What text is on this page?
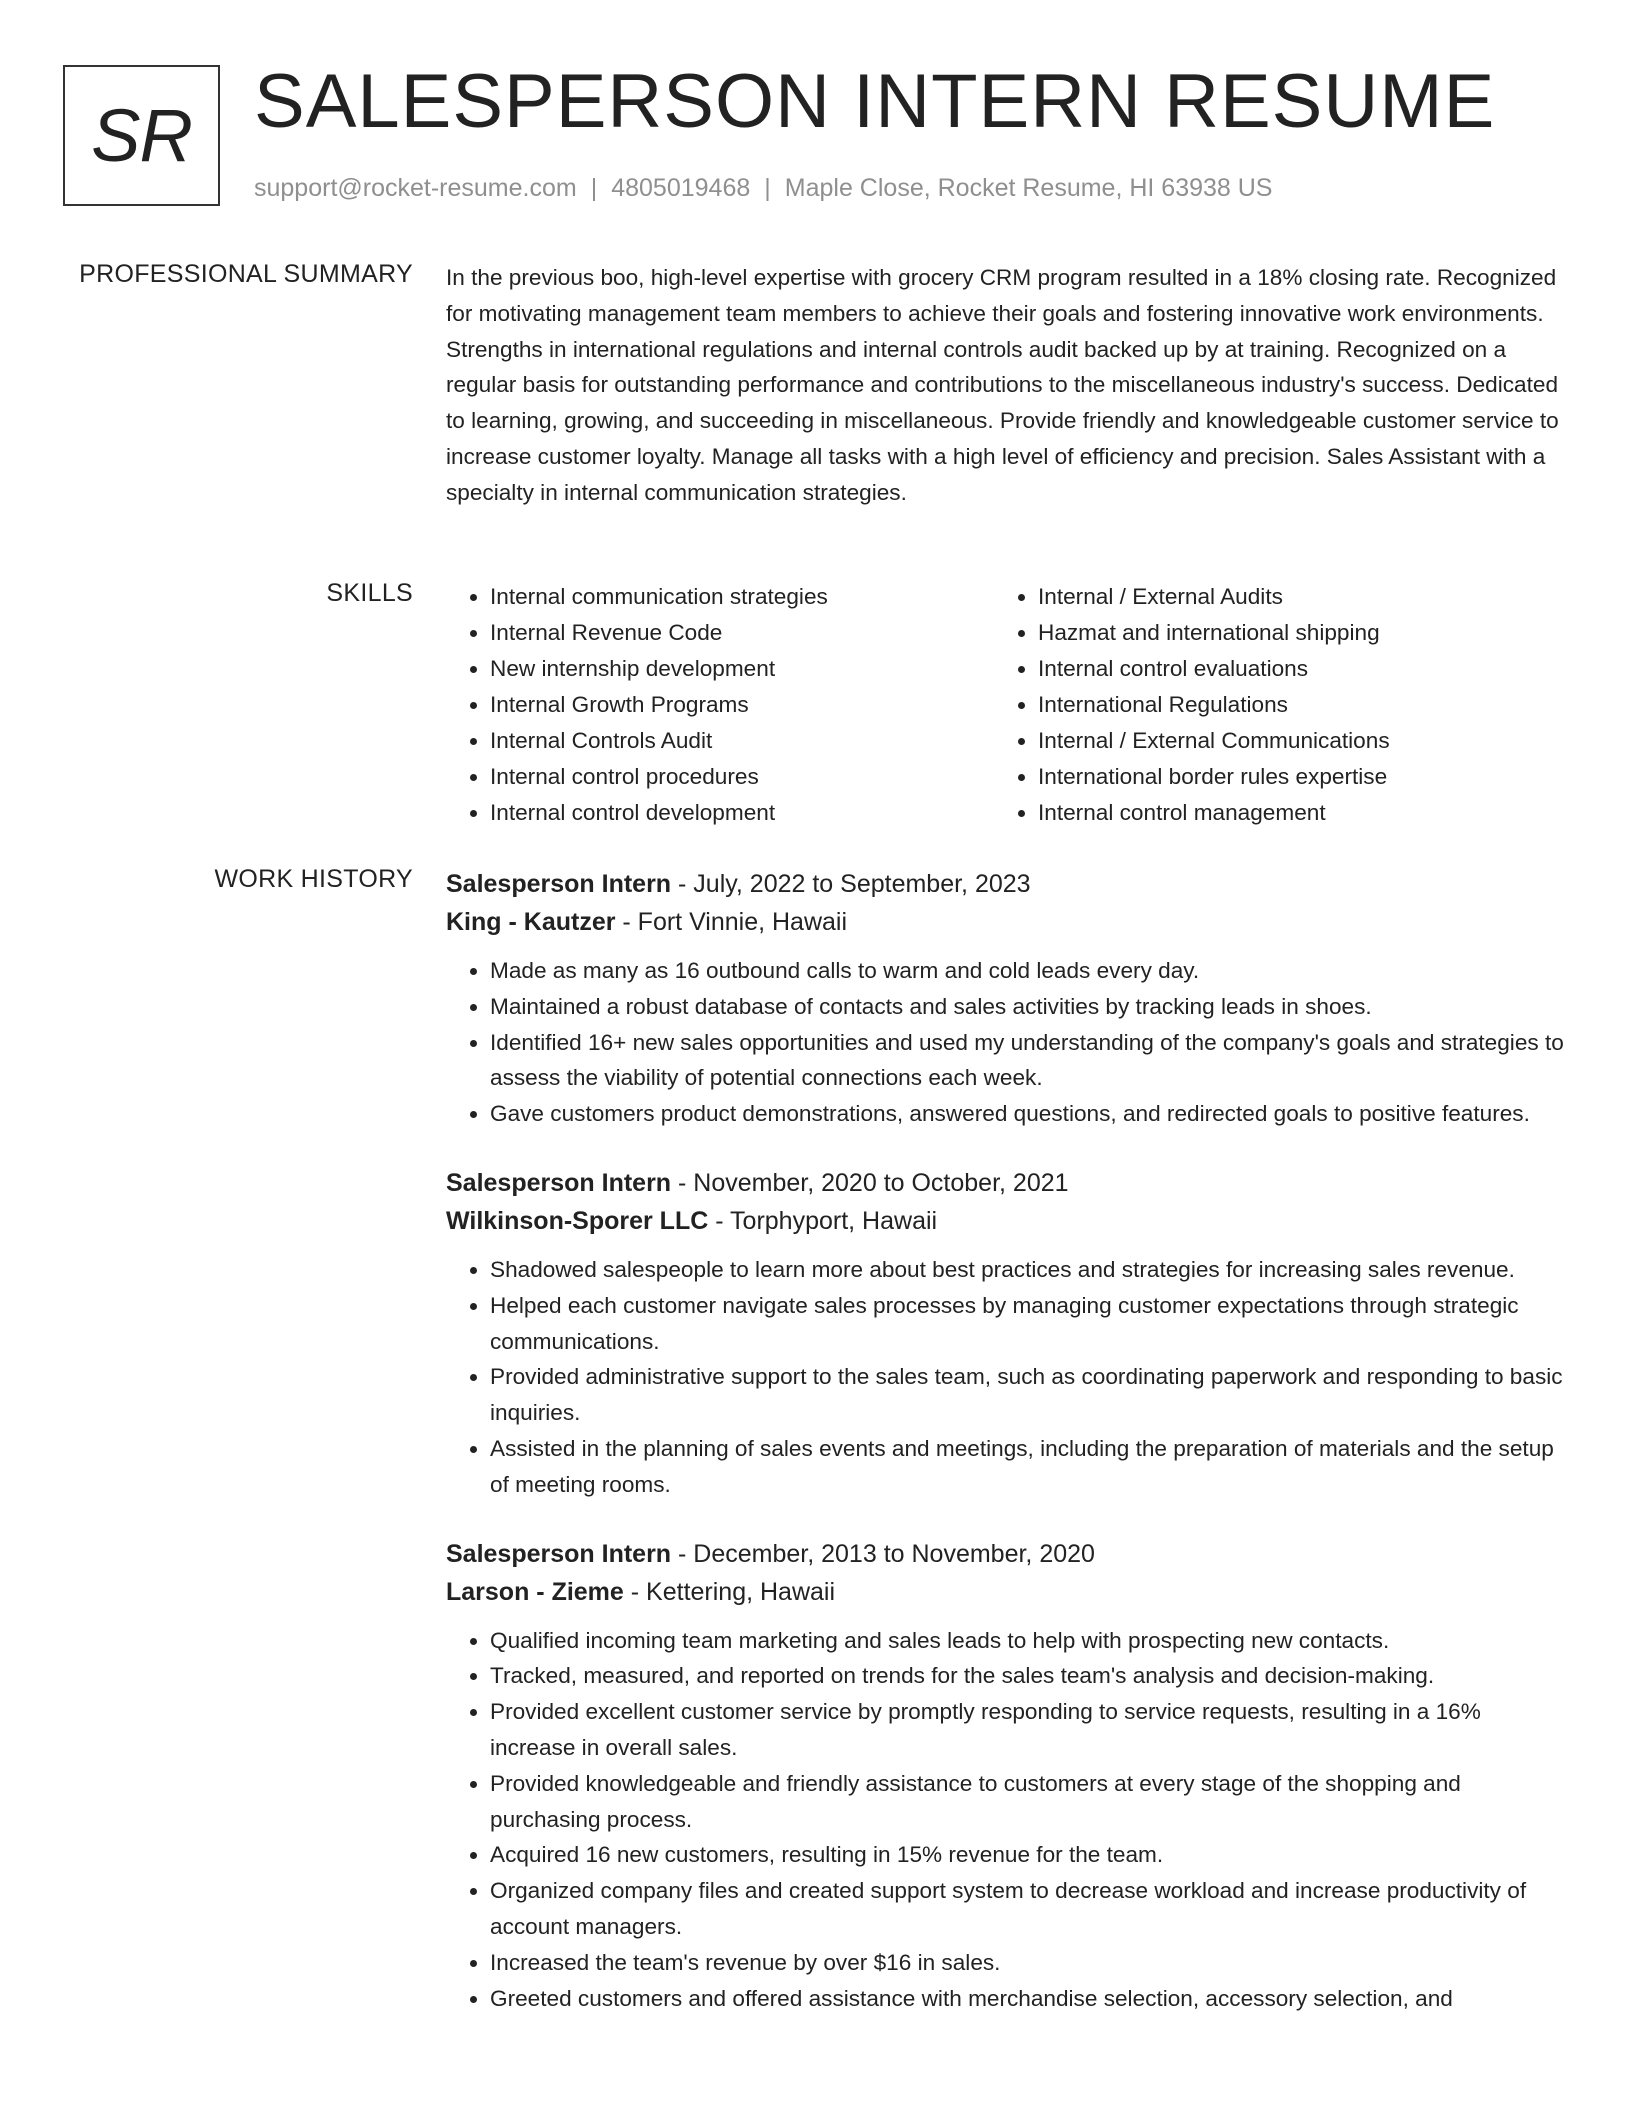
SR SALESPERSON INTERN RESUME
support@rocket-resume.com | 4805019468 | Maple Close, Rocket Resume, HI 63938 US
PROFESSIONAL SUMMARY In the previous boo, high-level expertise with grocery CRM program resulted in a 18% closing rate. Recognized for motivating management team members to achieve their goals and fostering innovative work environments. Strengths in international regulations and internal controls audit backed up by at training. Recognized on a regular basis for outstanding performance and contributions to the miscellaneous industry's success. Dedicated to learning, growing, and succeeding in miscellaneous. Provide friendly and knowledgeable customer service to increase customer loyalty. Manage all tasks with a high level of efficiency and precision. Sales Assistant with a specialty in internal communication strategies.

SKILLS
•	Internal communication strategies
• Internal Revenue Code
• New internship development
• Internal Growth Programs
• Internal Controls Audit
• Internal control procedures
• Internal control development
• Internal / External Audits
• Hazmat and international shipping
• Internal control evaluations
• International Regulations
• Internal / External Communications
• International border rules expertise
• Internal control management
WORK HISTORY Salesperson Intern - July, 2022 to September, 2023
King - Kautzer - Fort Vinnie, Hawaii
• Made as many as 16 outbound calls to warm and cold leads every day.
• Maintained a robust database of contacts and sales activities by tracking leads in shoes.
• Identified 16+ new sales opportunities and used my understanding of the company's goals and strategies to assess the viability of potential connections each week.
• Gave customers product demonstrations, answered questions, and redirected goals to positive features.
Salesperson Intern - November, 2020 to October, 2021
Wilkinson-Sporer LLC - Torphyport, Hawaii
• Shadowed salespeople to learn more about best practices and strategies for increasing sales revenue.
• Helped each customer navigate sales processes by managing customer expectations through strategic communications.
• Provided administrative support to the sales team, such as coordinating paperwork and responding to basic inquiries.
• Assisted in the planning of sales events and meetings, including the preparation of materials and the setup of meeting rooms.
Salesperson Intern - December, 2013 to November, 2020
Larson - Zieme - Kettering, Hawaii
• Qualified incoming team marketing and sales leads to help with prospecting new contacts.
• Tracked, measured, and reported on trends for the sales team's analysis and decision-making.
• Provided excellent customer service by promptly responding to service requests, resulting in a 16% increase in overall sales.
• Provided knowledgeable and friendly assistance to customers at every stage of the shopping and purchasing process.
• Acquired 16 new customers, resulting in 15% revenue for the team.
• Organized company files and created support system to decrease workload and increase productivity of account managers.
• Increased the team's revenue by over $16 in sales.
• Greeted customers and offered assistance with merchandise selection, accessory selection, and
